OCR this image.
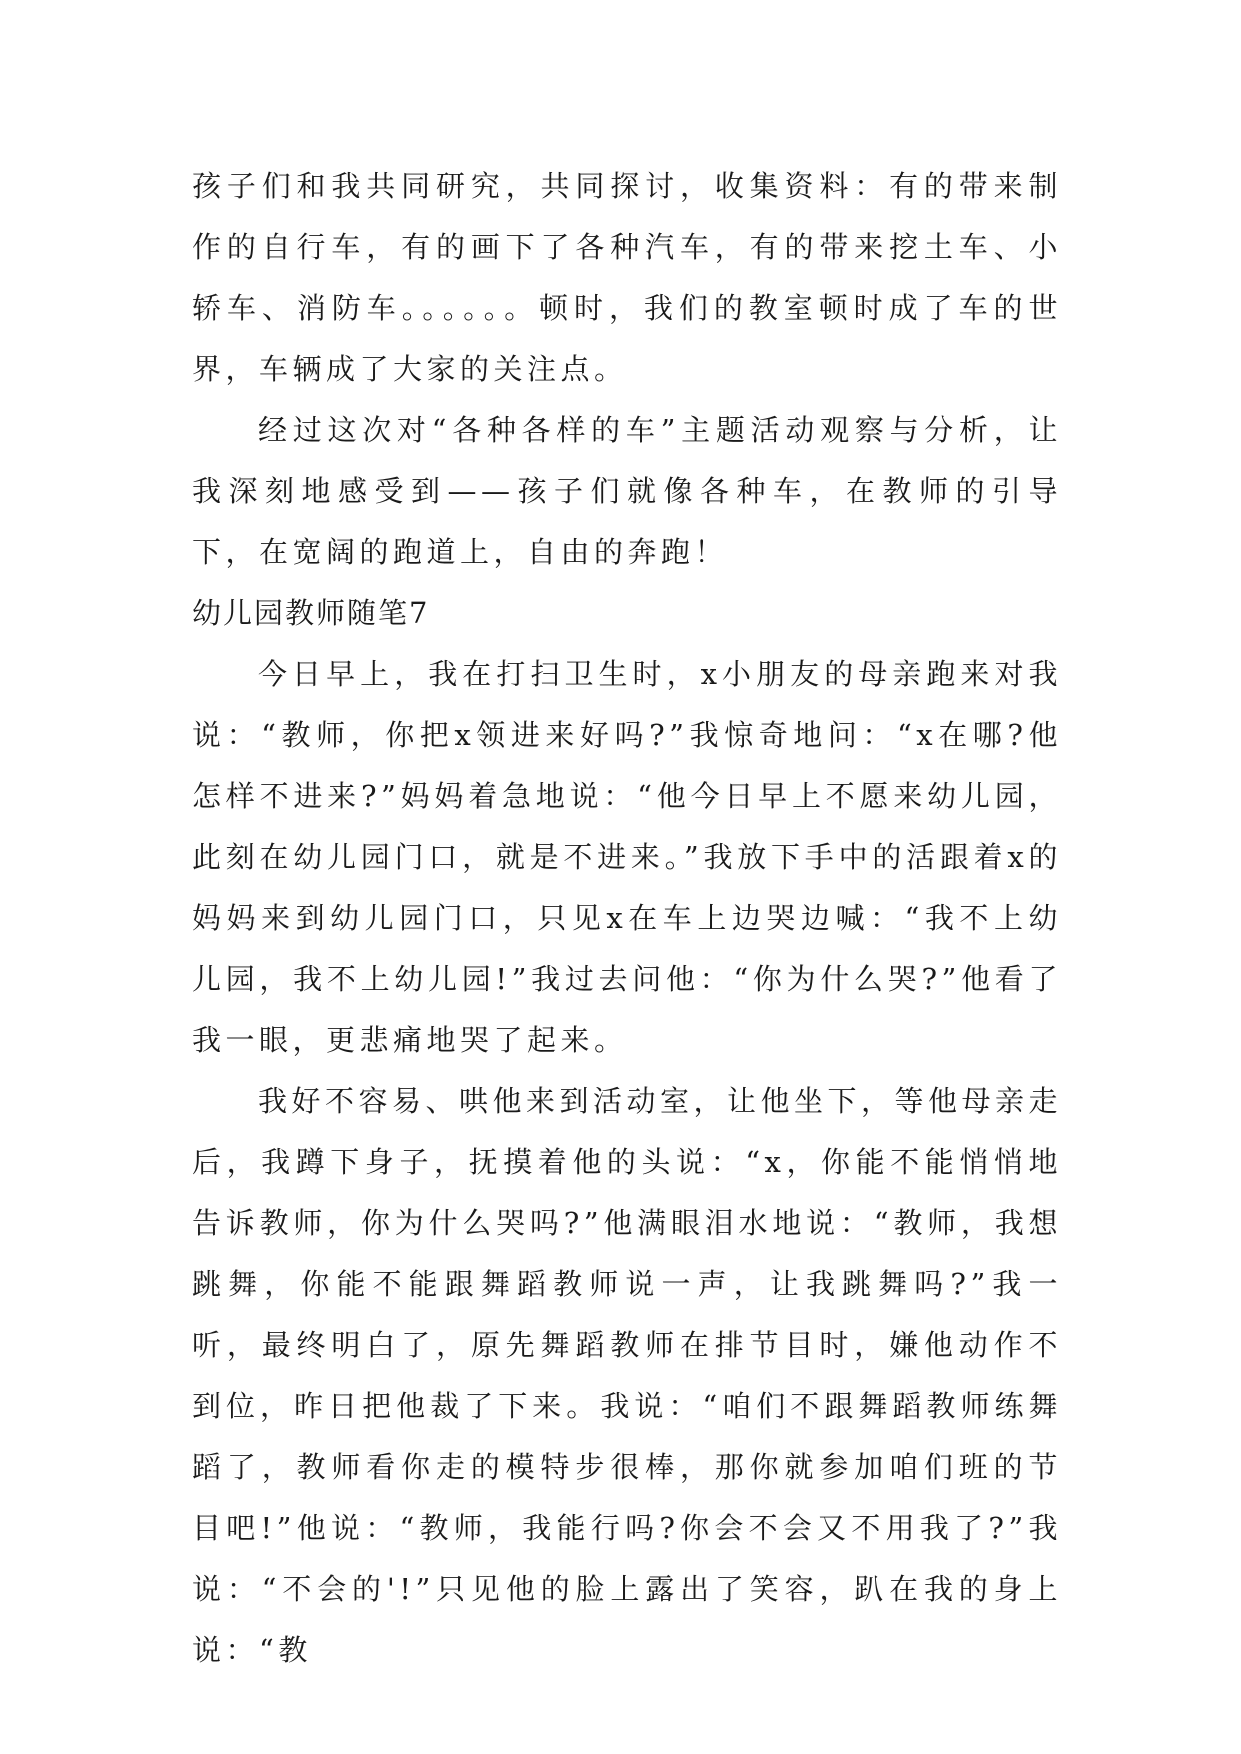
孩子们和我共同研究，共同探讨，收集资料：有的带来制作的自行车，有的画下了各种汽车，有的带来挖土车、小轿车、消防车。。。。。。顿时，我们的教室顿时成了车的世界，车辆成了大家的关注点。

经过这次对“各种各样的车”主题活动观察与分析，让我深刻地感受到——孩子们就像各种车，在教师的引导下，在宽阔的跑道上，自由的奔跑！

幼儿园教师随笔7

今日早上，我在打扫卫生时，x小朋友的母亲跑来对我说：“教师，你把x领进来好吗?”我惊奇地问：“x在哪?他怎样不进来?”妈妈着急地说：“他今日早上不愿来幼儿园，此刻在幼儿园门口，就是不进来。”我放下手中的活跟着x的妈妈来到幼儿园门口，只见x在车上边哭边喊：“我不上幼儿园，我不上幼儿园!”我过去问他：“你为什么哭?”他看了我一眼，更悲痛地哭了起来。

我好不容易、哄他来到活动室，让他坐下，等他母亲走后，我蹲下身子，抚摸着他的头说：“x，你能不能悄悄地告诉教师，你为什么哭吗?”他满眼泪水地说：“教师，我想跳舞，你能不能跟舞蹈教师说一声，让我跳舞吗?”我一听，最终明白了，原先舞蹈教师在排节目时，嫌他动作不到位，昨日把他裁了下来。我说：“咱们不跟舞蹈教师练舞蹈了，教师看你走的模特步很棒，那你就参加咱们班的节目吧!”他说：“教师，我能行吗?你会不会又不用我了?”我说：“不会的'!”只见他的脸上露出了笑容，趴在我的身上说：“教
